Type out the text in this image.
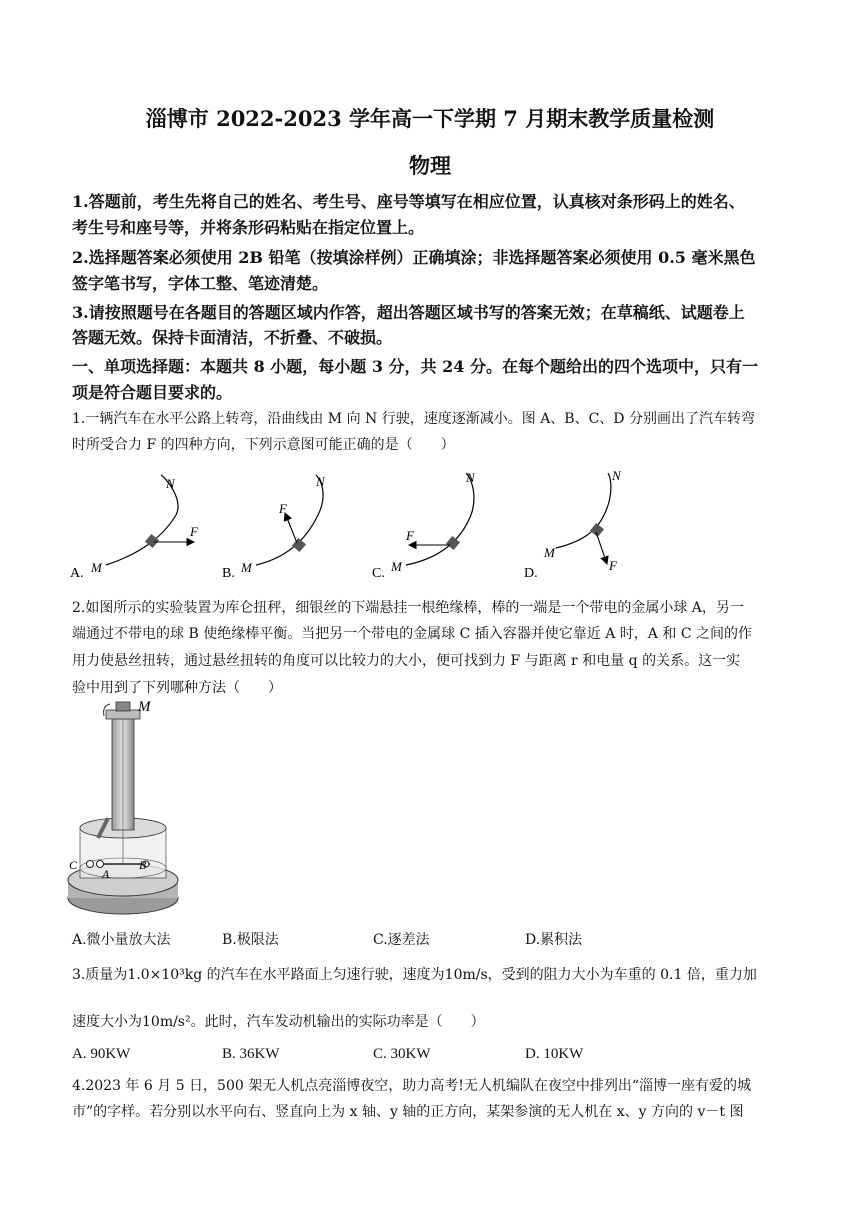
淄博市 2022-2023 学年高一下学期 7 月期末教学质量检测
物理
1.答题前，考生先将自己的姓名、考生号、座号等填写在相应位置，认真核对条形码上的姓名、
考生号和座号等，并将条形码粘贴在指定位置上。
2.选择题答案必须使用 2B 铅笔（按填涂样例）正确填涂；非选择题答案必须使用 0.5 毫米黑色
签字笔书写，字体工整、笔迹清楚。
3.请按照题号在各题目的答题区域内作答，超出答题区域书写的答案无效；在草稿纸、试题卷上
答题无效。保持卡面清洁，不折叠、不破损。
一、单项选择题：本题共 8 小题，每小题 3 分，共 24 分。在每个题给出的四个选项中，只有一
项是符合题目要求的。
1.一辆汽车在水平公路上转弯，沿曲线由 M 向 N 行驶，速度逐渐减小。图 A、B、C、D 分别画出了汽车转弯
时所受合力 F 的四种方向，下列示意图可能正确的是（　　）
M
N
F
A.	M
N
F
B.	M
N
F
C.
M
N
F
D.
2.如图所示的实验装置为库仑扭秤，细银丝的下端悬挂一根绝缘棒，棒的一端是一个带电的金属小球 A，另一
端通过不带电的球 B 使绝缘棒平衡。当把另一个带电的金属球 C 插入容器并使它靠近 A 时，A 和 C 之间的作
用力使悬丝扭转，通过悬丝扭转的角度可以比较力的大小，便可找到力 F 与距离 r 和电量 q 的关系。这一实
验中用到了下列哪种方法（　　）
M
C
A
B
A.微小量放大法	B.极限法	C.逐差法	D.累积法
3.质量为1.0×10³kg 的汽车在水平路面上匀速行驶，速度为10m/s，受到的阻力大小为车重的 0.1 倍，重力加
速度大小为10m/s²。此时，汽车发动机输出的实际功率是（　　）
A. 90KW	B. 36KW	C. 30KW	D. 10KW
4.2023 年 6 月 5 日，500 架无人机点亮淄博夜空，助力高考!无人机编队在夜空中排列出“淄博一座有爱的城
市”的字样。若分别以水平向右、竖直向上为 x 轴、y 轴的正方向，某架参演的无人机在 x、y 方向的 v－t 图
